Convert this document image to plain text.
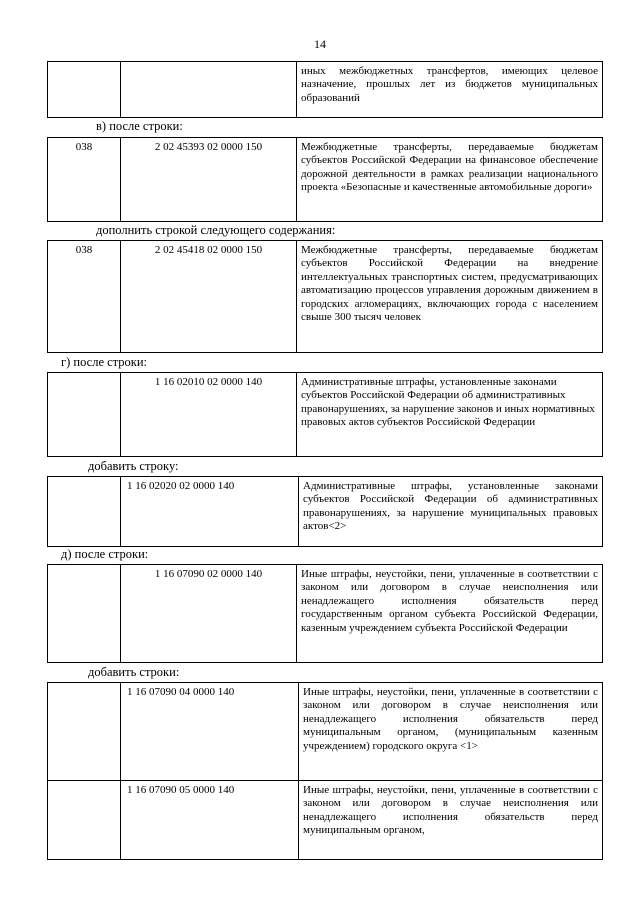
14
		иных межбюджетных трансфертов, имеющих целевое назначение, прошлых лет из бюджетов муниципальных образований
в) после строки:
038	2 02 45393 02 0000 150	Межбюджетные трансферты, передаваемые бюджетам субъектов Российской Федерации на финансовое обеспечение дорожной деятельности в рамках реализации национального проекта «Безопасные и качественные автомобильные дороги»
дополнить строкой следующего содержания:
038	2 02 45418 02 0000 150	Межбюджетные трансферты, передаваемые бюджетам субъектов Российской Федерации на внедрение интеллектуальных транспортных систем, предусматривающих автоматизацию процессов управления дорожным движением в городских агломерациях, включающих города с населением свыше 300 тысяч человек
г) после строки:
	1 16 02010 02 0000 140	Административные штрафы, установленные законами субъектов Российской Федерации об административных правонарушениях, за нарушение законов и иных нормативных правовых актов субъектов Российской Федерации
добавить строку:
	1 16 02020 02 0000 140	Административные штрафы, установленные законами субъектов Российской Федерации об административных правонарушениях, за нарушение муниципальных правовых актов<2>
д) после строки:
	1 16 07090 02 0000 140	Иные штрафы, неустойки, пени, уплаченные в соответствии с законом или договором в случае неисполнения или ненадлежащего исполнения обязательств перед государственным органом субъекта Российской Федерации, казенным учреждением субъекта Российской Федерации
добавить строки:
	1 16 07090 04 0000 140	Иные штрафы, неустойки, пени, уплаченные в соответствии с законом или договором в случае неисполнения или ненадлежащего исполнения обязательств перед муниципальным органом, (муниципальным казенным учреждением) городского округа <1>
	1 16 07090 05 0000 140	Иные штрафы, неустойки, пени, уплаченные в соответствии с законом или договором в случае неисполнения или ненадлежащего исполнения обязательств перед муниципальным органом,
